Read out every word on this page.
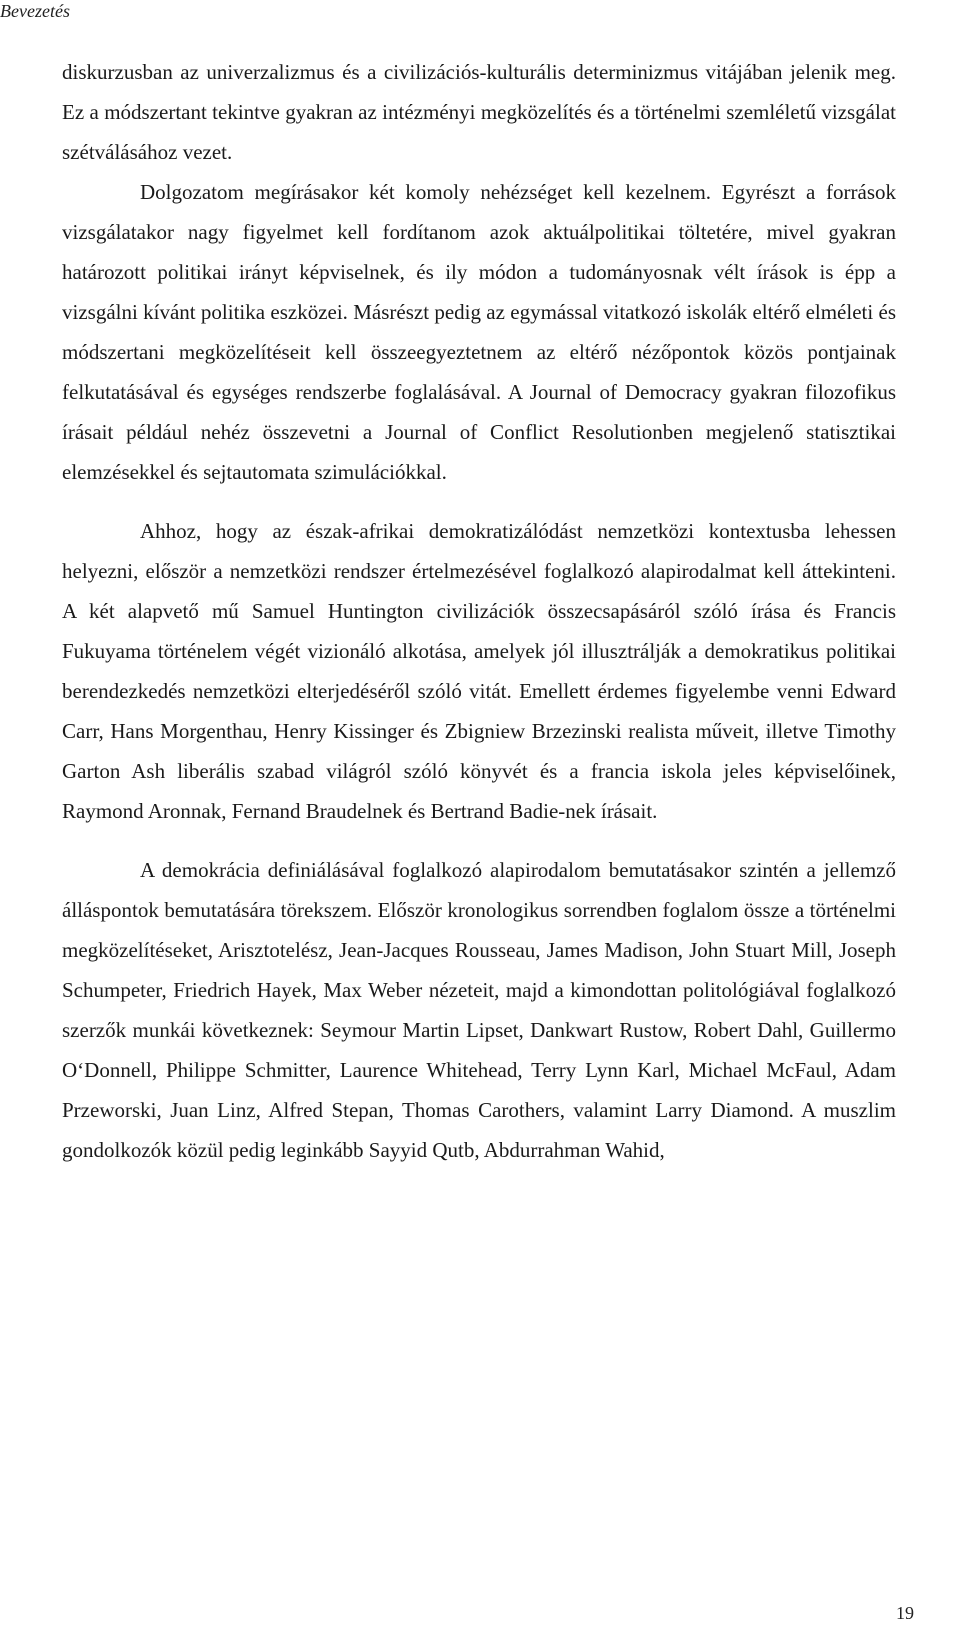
Bevezetés

diskurzusban az univerzalizmus és a civilizációs-kulturális determinizmus vitájában jelenik meg. Ez a módszertant tekintve gyakran az intézményi megközelítés és a történelmi szemléletű vizsgálat szétválásához vezet.

Dolgozatom megírásakor két komoly nehézséget kell kezelnem. Egyrészt a források vizsgálatakor nagy figyelmet kell fordítanom azok aktuálpolitikai töltetére, mivel gyakran határozott politikai irányt képviselnek, és ily módon a tudományosnak vélt írások is épp a vizsgálni kívánt politika eszközei. Másrészt pedig az egymással vitatkozó iskolák eltérő elméleti és módszertani megközelítéseit kell összeegyeztetnem az eltérő nézőpontok közös pontjainak felkutatásával és egységes rendszerbe foglalásával. A Journal of Democracy gyakran filozofikus írásait például nehéz összevetni a Journal of Conflict Resolutionben megjelenő statisztikai elemzésekkel és sejtautomata szimulációkkal.

Ahhoz, hogy az észak-afrikai demokratizálódást nemzetközi kontextusba lehessen helyezni, először a nemzetközi rendszer értelmezésével foglalkozó alapirodalmat kell áttekinteni. A két alapvető mű Samuel Huntington civilizációk összecsapásáról szóló írása és Francis Fukuyama történelem végét vizionáló alkotása, amelyek jól illusztrálják a demokratikus politikai berendezkedés nemzetközi elterjedéséről szóló vitát. Emellett érdemes figyelembe venni Edward Carr, Hans Morgenthau, Henry Kissinger és Zbigniew Brzezinski realista műveit, illetve Timothy Garton Ash liberális szabad világról szóló könyvét és a francia iskola jeles képviselőinek, Raymond Aronnak, Fernand Braudelnek és Bertrand Badie-nek írásait.

A demokrácia definiálásával foglalkozó alapirodalom bemutatásakor szintén a jellemző álláspontok bemutatására törekszem. Először kronologikus sorrendben foglalom össze a történelmi megközelítéseket, Arisztotelész, Jean-Jacques Rousseau, James Madison, John Stuart Mill, Joseph Schumpeter, Friedrich Hayek, Max Weber nézeteit, majd a kimondottan politológiával foglalkozó szerzők munkái következnek: Seymour Martin Lipset, Dankwart Rustow, Robert Dahl, Guillermo O‘Donnell, Philippe Schmitter, Laurence Whitehead, Terry Lynn Karl, Michael McFaul, Adam Przeworski, Juan Linz, Alfred Stepan, Thomas Carothers, valamint Larry Diamond. A muszlim gondolkozók közül pedig leginkább Sayyid Qutb, Abdurrahman Wahid,

19
